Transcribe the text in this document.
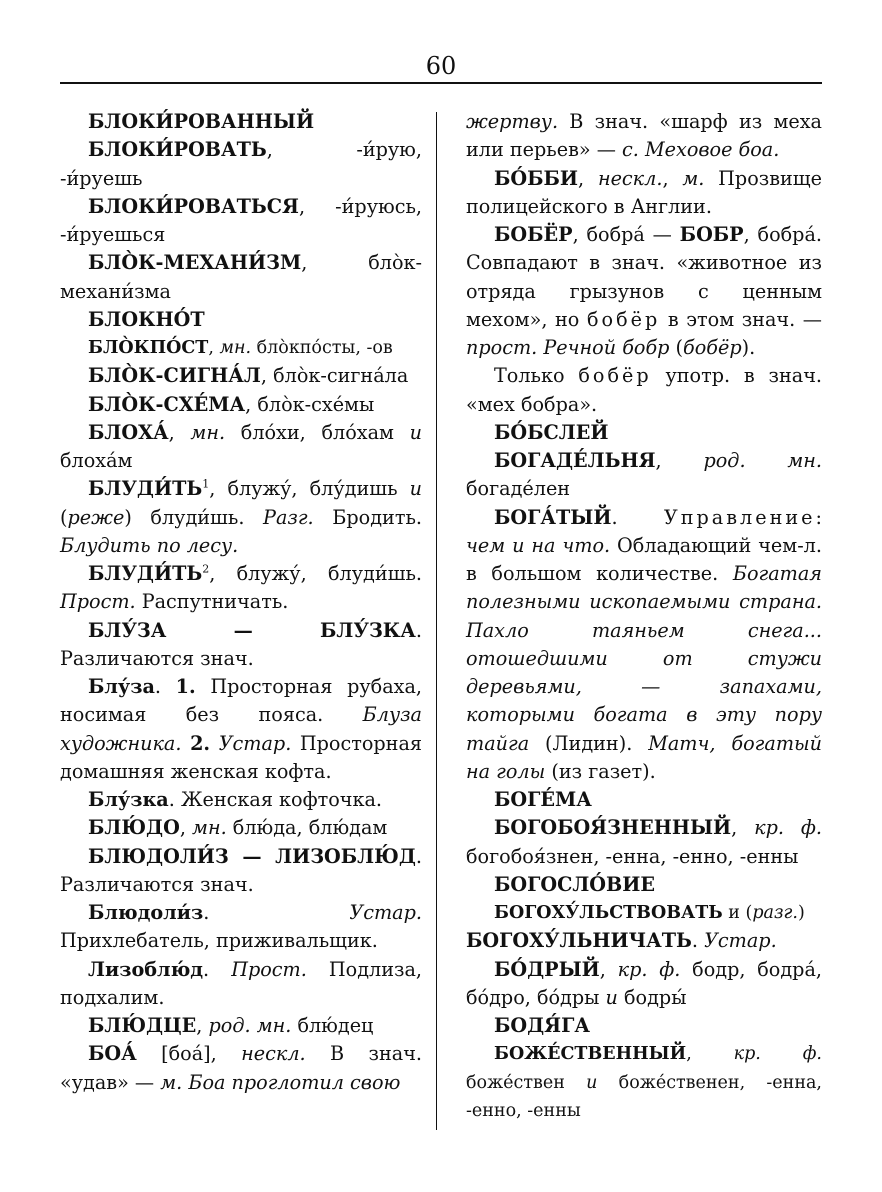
60

БЛОКИ́РОВАННЫЙ

БЛОКИ́РОВАТЬ, -и́рую, -и́руешь

БЛОКИ́РОВАТЬСЯ, -и́руюсь, -и́руешься

БЛО̀К-МЕХАНИ́ЗМ, бло̀к-механи́зма

БЛОКНО́Т

БЛО̀КПО́СТ, мн. бло̀кпо́сты, -ов

БЛО̀К-СИГНА́Л, бло̀к-сигна́ла

БЛО̀К-СХЕ́МА, бло̀к-схе́мы

БЛОХА́, мн. бло́хи, бло́хам и блоха́м

$БЛУДИ́ТЬ^1$, блужу́, блу́дишь и (реже) блуди́шь. Разг. Бродить. Блудить по лесу.

$БЛУДИ́ТЬ^2$, блужу́, блуди́шь. Прост. Распутничать.

БЛУ́ЗА — БЛУ́ЗКА. Различаются знач.

Блу́за. 1. Просторная рубаха, носимая без пояса. Блуза художника. 2. Устар. Просторная домашняя женская кофта.

Блу́зка. Женская кофточка.

БЛЮ́ДО, мн. блю́да, блю́дам

БЛЮДОЛИ́З — ЛИЗОБЛЮ́Д. Различаются знач.

Блюдоли́з. Устар. Прихлебатель, приживальщик.

Лизоблю́д. Прост. Подлиза, подхалим.

БЛЮ́ДЦЕ, род. мн. блю́дец

БОА́ [боа́], нескл. В знач. «удав» — м. Боа проглотил свою

жертву. В знач. «шарф из меха или перьев» — с. Меховое боа.

БО́ББИ, нескл., м. Прозвище полицейского в Англии.

БОБЁР, бобра́ — БОБР, бобра́. Совпадают в знач. «животное из отряда грызунов с ценным мехом», но бобёр в этом знач. — прост. Речной бобр (бобёр).

Только бобёр употр. в знач. «мех бобра».

БО́БСЛЕЙ

БОГАДЕ́ЛЬНЯ, род. мн. богаде́лен

БОГА́ТЫЙ. Управление: чем и на что. Обладающий чем-л. в большом количестве. Богатая полезными ископаемыми страна. Пахло таяньем снега... отошедшими от стужи деревьями, — запахами, которыми богата в эту пору тайга (Лидин). Матч, богатый на голы (из газет).

БОГЕ́МА

БОГОБОЯ́ЗНЕННЫЙ, кр. ф. богобоя́знен, -енна, -енно, -енны

БОГОСЛО́ВИЕ

БОГОХУ́ЛЬСТВОВАТЬ и (разг.)

БОГОХУ́ЛЬНИЧАТЬ. Устар.

БО́ДРЫЙ, кр. ф. бодр, бодра́, бо́дро, бо́дры и бодры́

БОДЯ́ГА

БОЖЕ́СТВЕННЫЙ, кр. ф. боже́ствен и боже́ственен, -енна, -енно, -енны
